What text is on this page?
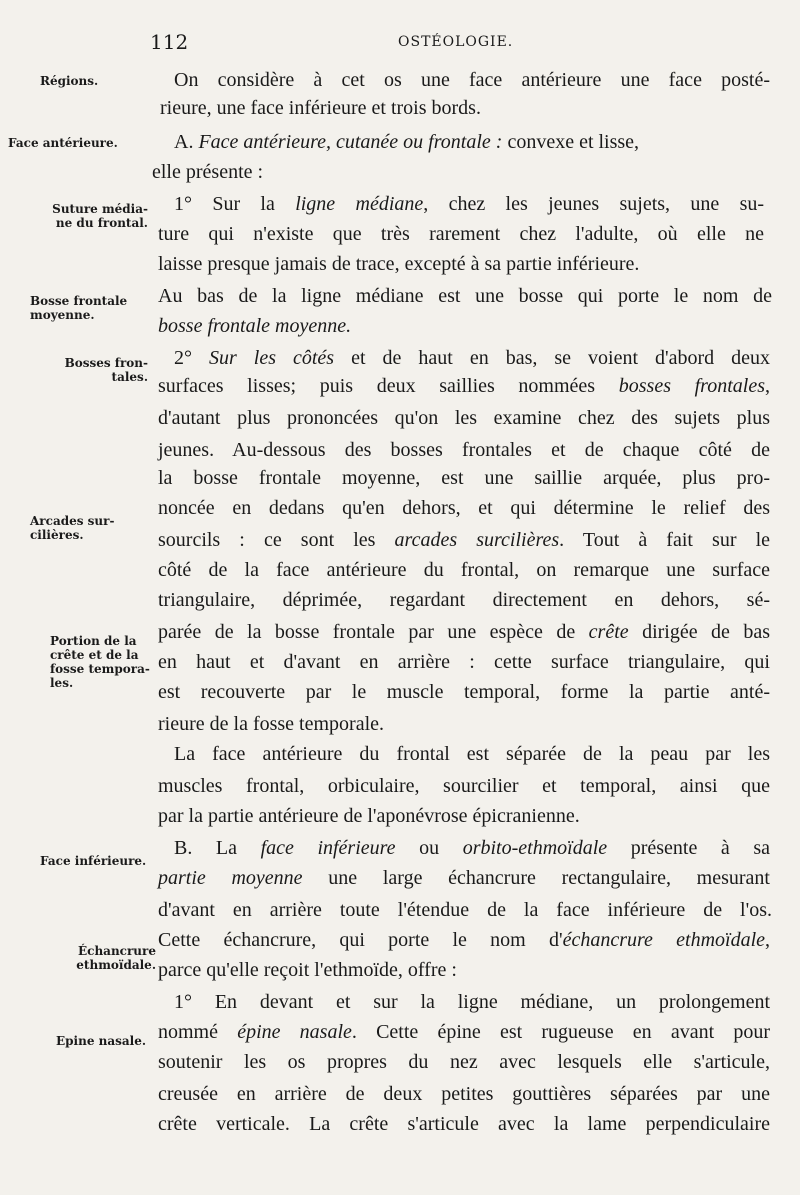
112	OSTÉOLOGIE.
Régions.
Face antérieure.
Suture média-
ne du frontal.
Bosse frontale
moyenne.
Bosses fron-
tales.
Arcades sur-
cilières.
Portion de la
crête et de la
fosse tempora-
les.
Face inférieure.
Échancrure
ethmoïdale.
Epine nasale.
On considère à cet os une face antérieure une face posté-
rieure, une face inférieure et trois bords.
A. Face antérieure, cutanée ou frontale : convexe et lisse,
elle présente :
1° Sur la ligne médiane, chez les jeunes sujets, une su-
ture qui n'existe que très rarement chez l'adulte, où elle ne
laisse presque jamais de trace, excepté à sa partie inférieure.
Au bas de la ligne médiane est une bosse qui porte le nom de
bosse frontale moyenne.
2° Sur les côtés et de haut en bas, se voient d'abord deux
surfaces lisses; puis deux saillies nommées bosses frontales,
d'autant plus prononcées qu'on les examine chez des sujets plus
jeunes. Au-dessous des bosses frontales et de chaque côté de
la bosse frontale moyenne, est une saillie arquée, plus pro-
noncée en dedans qu'en dehors, et qui détermine le relief des
sourcils : ce sont les arcades surcilières. Tout à fait sur le
côté de la face antérieure du frontal, on remarque une surface
triangulaire, déprimée, regardant directement en dehors, sé-
parée de la bosse frontale par une espèce de crête dirigée de bas
en haut et d'avant en arrière : cette surface triangulaire, qui
est recouverte par le muscle temporal, forme la partie anté-
rieure de la fosse temporale.
La face antérieure du frontal est séparée de la peau par les
muscles frontal, orbiculaire, sourcilier et temporal, ainsi que
par la partie antérieure de l'aponévrose épicranienne.
B. La face inférieure ou orbito-ethmoïdale présente à sa
partie moyenne une large échancrure rectangulaire, mesurant
d'avant en arrière toute l'étendue de la face inférieure de l'os.
Cette échancrure, qui porte le nom d'échancrure ethmoïdale,
parce qu'elle reçoit l'ethmoïde, offre :
1° En devant et sur la ligne médiane, un prolongement
nommé épine nasale. Cette épine est rugueuse en avant pour
soutenir les os propres du nez avec lesquels elle s'articule,
creusée en arrière de deux petites gouttières séparées par une
crête verticale. La crête s'articule avec la lame perpendiculaire
